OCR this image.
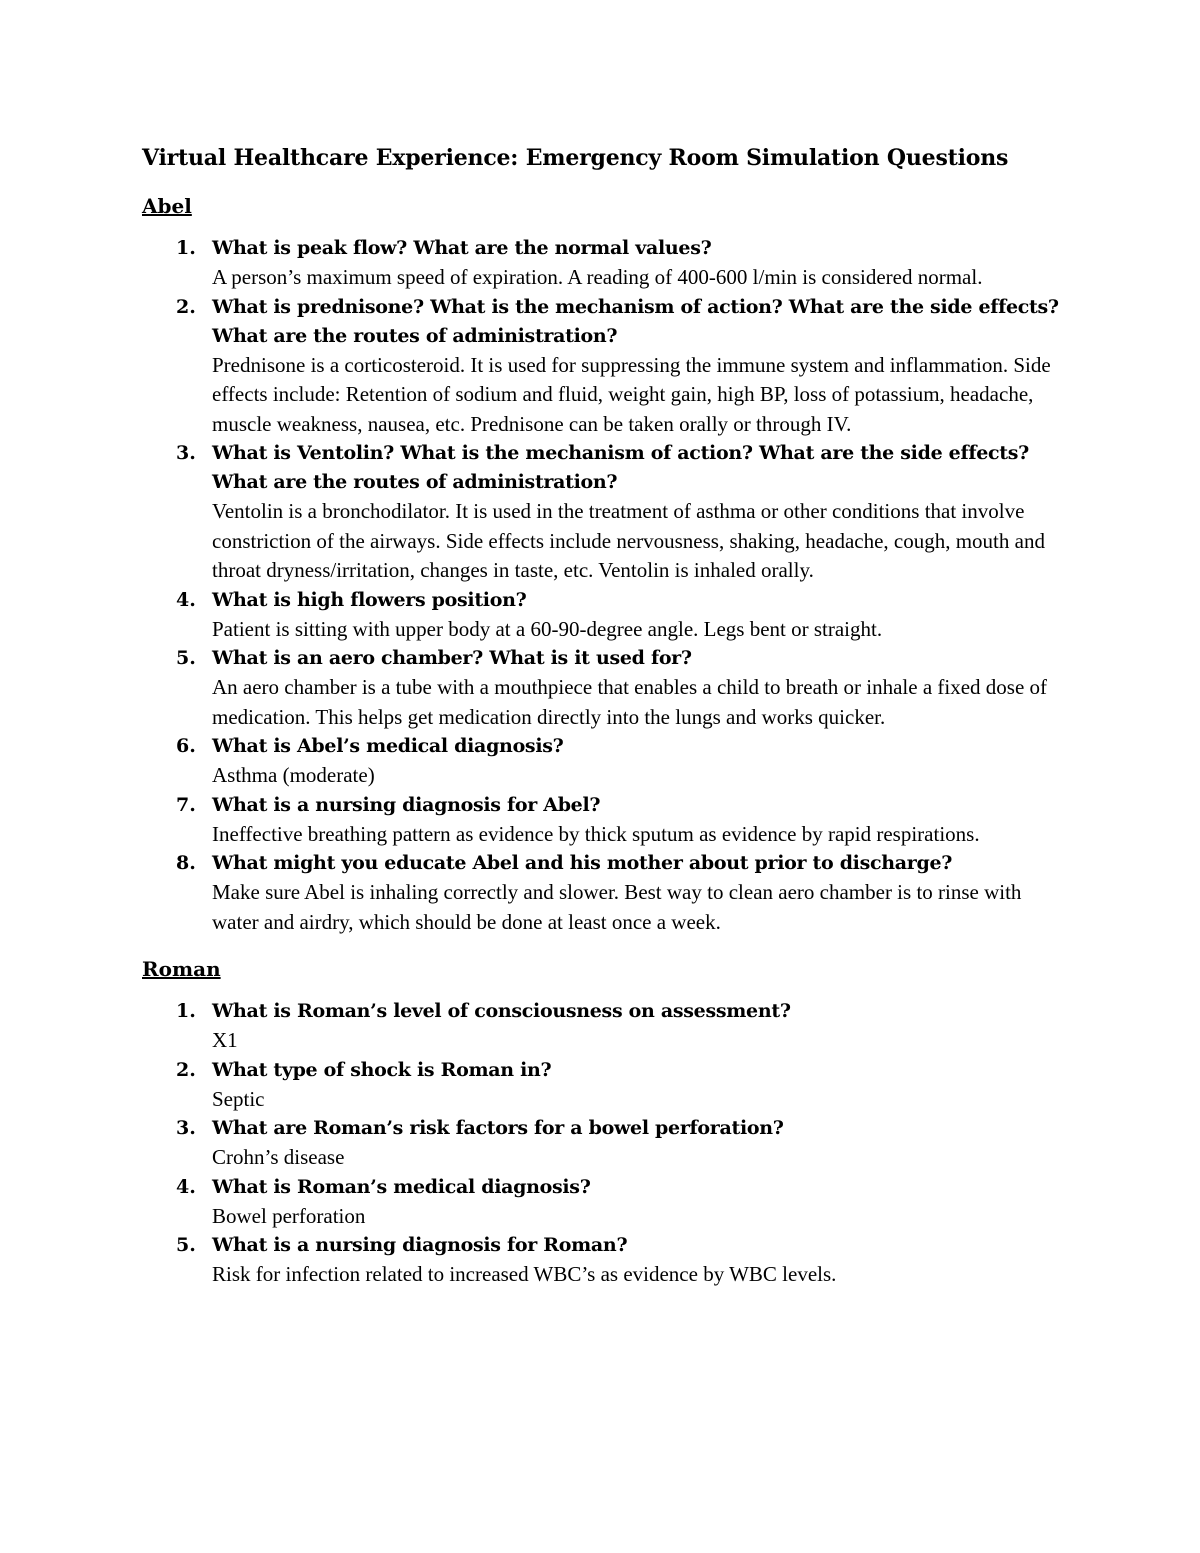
Virtual Healthcare Experience: Emergency Room Simulation Questions
Abel
1. What is peak flow? What are the normal values?
A person’s maximum speed of expiration. A reading of 400-600 l/min is considered normal.
2. What is prednisone? What is the mechanism of action? What are the side effects? What are the routes of administration?
Prednisone is a corticosteroid. It is used for suppressing the immune system and inflammation. Side effects include: Retention of sodium and fluid, weight gain, high BP, loss of potassium, headache, muscle weakness, nausea, etc. Prednisone can be taken orally or through IV.
3. What is Ventolin? What is the mechanism of action? What are the side effects? What are the routes of administration?
Ventolin is a bronchodilator. It is used in the treatment of asthma or other conditions that involve constriction of the airways. Side effects include nervousness, shaking, headache, cough, mouth and throat dryness/irritation, changes in taste, etc. Ventolin is inhaled orally.
4. What is high flowers position?
Patient is sitting with upper body at a 60-90-degree angle. Legs bent or straight.
5. What is an aero chamber? What is it used for?
An aero chamber is a tube with a mouthpiece that enables a child to breath or inhale a fixed dose of medication. This helps get medication directly into the lungs and works quicker.
6. What is Abel’s medical diagnosis?
Asthma (moderate)
7. What is a nursing diagnosis for Abel?
Ineffective breathing pattern as evidence by thick sputum as evidence by rapid respirations.
8. What might you educate Abel and his mother about prior to discharge?
Make sure Abel is inhaling correctly and slower. Best way to clean aero chamber is to rinse with water and airdry, which should be done at least once a week.
Roman
1. What is Roman’s level of consciousness on assessment?
X1
2. What type of shock is Roman in?
Septic
3. What are Roman’s risk factors for a bowel perforation?
Crohn’s disease
4. What is Roman’s medical diagnosis?
Bowel perforation
5. What is a nursing diagnosis for Roman?
Risk for infection related to increased WBC’s as evidence by WBC levels.
